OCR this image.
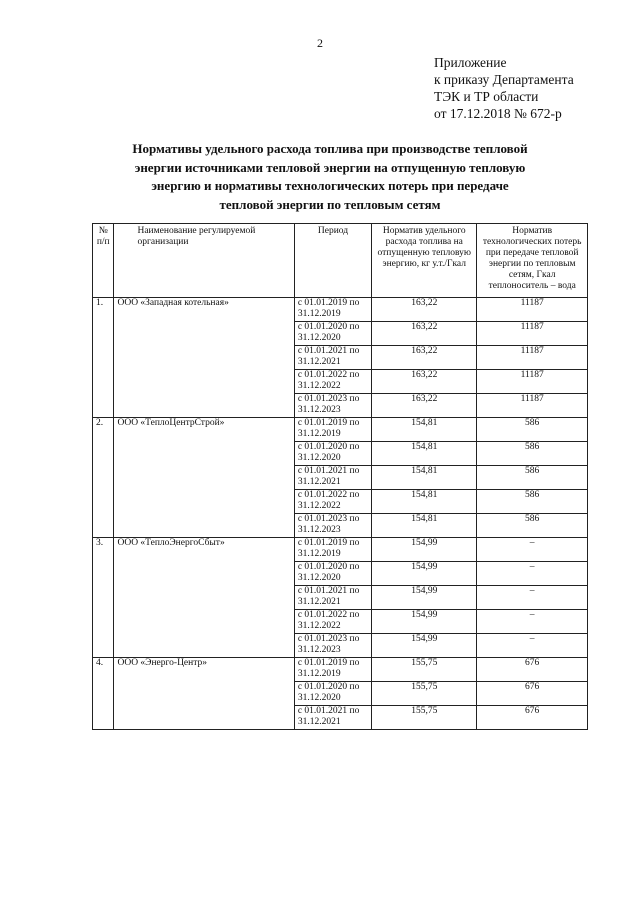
2
Приложение
к приказу Департамента
ТЭК и ТР области
от 17.12.2018 № 672-р
Нормативы удельного расхода топлива при производстве тепловой
энергии источниками тепловой энергии на отпущенную тепловую
энергию и нормативы технологических потерь при передаче
тепловой энергии по тепловым сетям
№ п/п	Наименование регулируемой организации	Период	Норматив удельного расхода топлива на отпущенную тепловую энергию, кг у.т./Гкал	Норматив технологических потерь при передаче тепловой энергии по тепловым сетям, Гкал теплоноситель – вода

1.	ООО «Западная котельная»	с 01.01.2019 по 31.12.2019	163,22	11187
		с 01.01.2020 по 31.12.2020	163,22	11187
		с 01.01.2021 по 31.12.2021	163,22	11187
		с 01.01.2022 по 31.12.2022	163,22	11187
		с 01.01.2023 по 31.12.2023	163,22	11187
2.	ООО «ТеплоЦентрСтрой»	с 01.01.2019 по 31.12.2019	154,81	586
		с 01.01.2020 по 31.12.2020	154,81	586
		с 01.01.2021 по 31.12.2021	154,81	586
		с 01.01.2022 по 31.12.2022	154,81	586
		с 01.01.2023 по 31.12.2023	154,81	586
3.	ООО «ТеплоЭнергоСбыт»	с 01.01.2019 по 31.12.2019	154,99	–
		с 01.01.2020 по 31.12.2020	154,99	–
		с 01.01.2021 по 31.12.2021	154,99	–
		с 01.01.2022 по 31.12.2022	154,99	–
		с 01.01.2023 по 31.12.2023	154,99	–
4.	ООО «Энерго-Центр»	с 01.01.2019 по 31.12.2019	155,75	676
		с 01.01.2020 по 31.12.2020	155,75	676
		с 01.01.2021 по 31.12.2021	155,75	676
